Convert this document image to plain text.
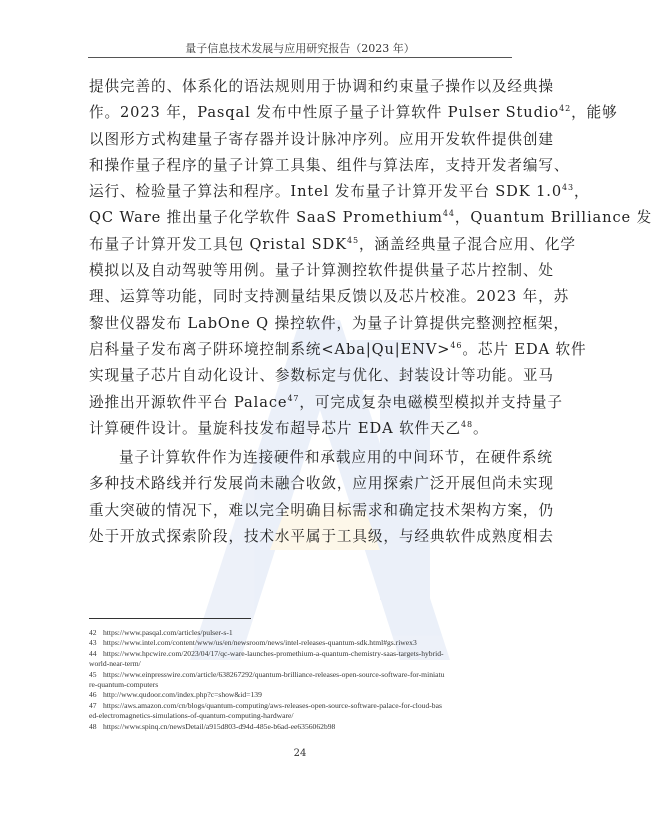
量子信息技术发展与应用研究报告（2023 年）

提供完善的、体系化的语法规则用于协调和约束量子操作以及经典操
作。2023 年，Pasqal 发布中性原子量子计算软件 Pulser Studio$^{42}$，能够
以图形方式构建量子寄存器并设计脉冲序列。应用开发软件提供创建
和操作量子程序的量子计算工具集、组件与算法库，支持开发者编写、
运行、检验量子算法和程序。Intel 发布量子计算开发平台 SDK $1.0^{43}$，
QC Ware 推出量子化学软件 SaaS Promethium$^{44}$，Quantum Brilliance 发
布量子计算开发工具包 Qristal SDK$^{45}$，涵盖经典量子混合应用、化学
模拟以及自动驾驶等用例。量子计算测控软件提供量子芯片控制、处
理、运算等功能，同时支持测量结果反馈以及芯片校准。2023 年，苏
黎世仪器发布 LabOne Q 操控软件，为量子计算提供完整测控框架，
启科量子发布离子阱环境控制系统<Aba|Qu|ENV>$^{46}$。芯片 EDA 软件
实现量子芯片自动化设计、参数标定与优化、封装设计等功能。亚马
逊推出开源软件平台 Palace$^{47}$，可完成复杂电磁模型模拟并支持量子
计算硬件设计。量旋科技发布超导芯片 EDA 软件天乙$^{48}$。

量子计算软件作为连接硬件和承载应用的中间环节，在硬件系统
多种技术路线并行发展尚未融合收敛，应用探索广泛开展但尚未实现
重大突破的情况下，难以完全明确目标需求和确定技术架构方案，仍
处于开放式探索阶段，技术水平属于工具级，与经典软件成熟度相去

42 https://www.pasqal.com/articles/pulser-s-1
43 https://www.intel.com/content/www/us/en/newsroom/news/intel-releases-quantum-sdk.html#gs.riwex3
44 https://www.hpcwire.com/2023/04/17/qc-ware-launches-promethium-a-quantum-chemistry-saas-targets-hybrid-
world-near-term/
45 https://www.einpresswire.com/article/638267292/quantum-brilliance-releases-open-source-software-for-miniatu
re-quantum-computers
46 http://www.qudoor.com/index.php?c=show&id=139
47 https://aws.amazon.com/cn/blogs/quantum-computing/aws-releases-open-source-software-palace-for-cloud-bas
ed-electromagnetics-simulations-of-quantum-computing-hardware/
48 https://www.spinq.cn/newsDetail/a915d803-d94d-485e-b6ad-ee6356062b98
24
